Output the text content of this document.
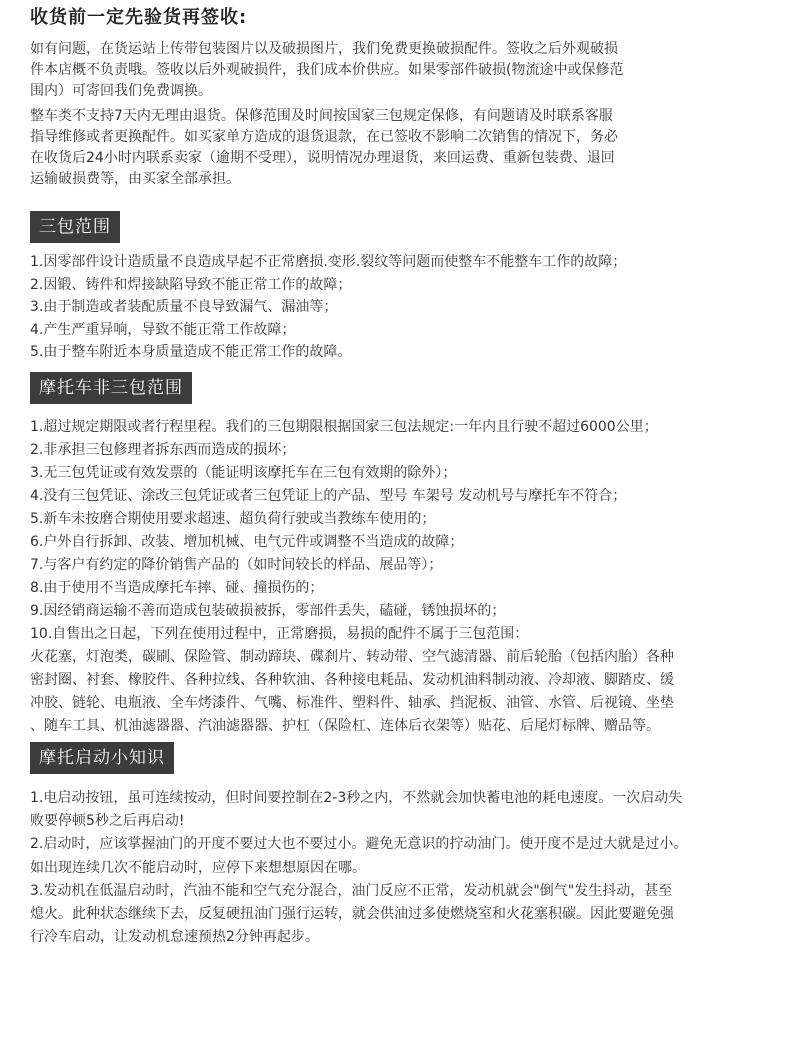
收货前一定先验货再签收:

如有问题，在货运站上传带包装图片以及破损图片，我们免费更换破损配件。签收之后外观破损

件本店概不负责哦。签收以后外观破损件，我们成本价供应。如果零部件破损(物流途中或保修范

围内）可寄回我们免费调换。

整车类不支持7天内无理由退货。保修范围及时间按国家三包规定保修，有问题请及时联系客服

指导维修或者更换配件。如买家单方造成的退货退款，在已签收不影响二次销售的情况下，务必

在收货后24小时内联系卖家（逾期不受理），说明情况办理退货，来回运费、重新包装费、退回

运输破损费等，由买家全部承担。

三包范围
1.因零部件设计造质量不良造成早起不正常磨损.变形.裂纹等问题而使整车不能整车工作的故障；
2.因锻、铸件和焊接缺陷导致不能正常工作的故障；
3.由于制造或者装配质量不良导致漏气、漏油等；
4.产生严重异响，导致不能正常工作故障；
5.由于整车附近本身质量造成不能正常工作的故障。
摩托车非三包范围
1.超过规定期限或者行程里程。我们的三包期限根据国家三包法规定:一年内且行驶不超过6000公里；
2.非承担三包修理者拆东西而造成的损坏；
3.无三包凭证或有效发票的（能证明该摩托车在三包有效期的除外）；
4.没有三包凭证、涂改三包凭证或者三包凭证上的产品、型号 车架号 发动机号与摩托车不符合；
5.新车未按磨合期使用要求超速、超负荷行驶或当教练车使用的；
6.户外自行拆卸、改装、增加机械、电气元件或调整不当造成的故障；
7.与客户有约定的降价销售产品的（如时间较长的样品、展品等）；
8.由于使用不当造成摩托车摔、碰、撞损伤的；
9.因经销商运输不善而造成包装破损被拆，零部件丢失，磕碰，锈蚀损坏的；
10.自售出之日起，下列在使用过程中，正常磨损，易损的配件不属于三包范围：
火花塞，灯泡类，碳刷、保险管、制动蹄块、碟刹片、转动带、空气滤清器、前后轮胎（包括内胎）各种
密封圈、衬套、橡胶件、各种拉线、各种软油、各种接电耗品、发动机油料制动液、冷却液、脚踏皮、缓
冲胶、链轮、电瓶液、全车烤漆件、气嘴、标准件、塑料件、轴承、挡泥板、油管、水管、后视镜、坐垫
、随车工具、机油滤器器、汽油滤器器、护杠（保险杠、连体后衣架等）贴花、后尾灯标牌、赠品等。
摩托启动小知识
1.电启动按钮，虽可连续按动，但时间要控制在2-3秒之内，不然就会加快蓄电池的耗电速度。一次启动失
败要停顿5秒之后再启动!
2.启动时，应该掌握油门的开度不要过大也不要过小。避免无意识的拧动油门。使开度不是过大就是过小。
如出现连续几次不能启动时，应停下来想想原因在哪。
3.发动机在低温启动时，汽油不能和空气充分混合，油门反应不正常，发动机就会"倒气"发生抖动，甚至
熄火。此种状态继续下去，反复硬扭油门强行运转，就会供油过多使燃烧室和火花塞积碳。因此要避免强
行冷车启动，让发动机怠速预热2分钟再起步。
